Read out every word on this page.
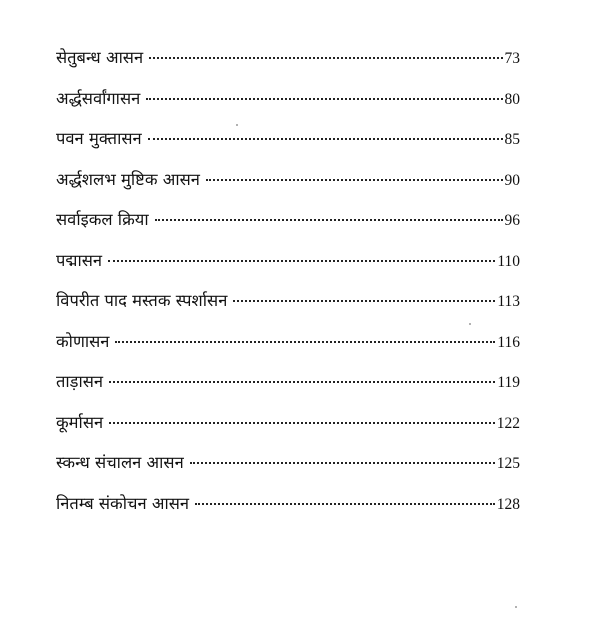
सेतुबन्ध आसन	73
अर्द्धसर्वांगासन	80
पवन मुक्तासन	85
अर्द्धशलभ मुष्टिक आसन	90
सर्वाइकल क्रिया	96
पद्मासन	110
विपरीत पाद मस्तक स्पर्शासन	113
कोणासन	116
ताड़ासन	119
कूर्मासन	122
स्कन्ध संचालन आसन	125
नितम्ब संकोचन आसन	128
